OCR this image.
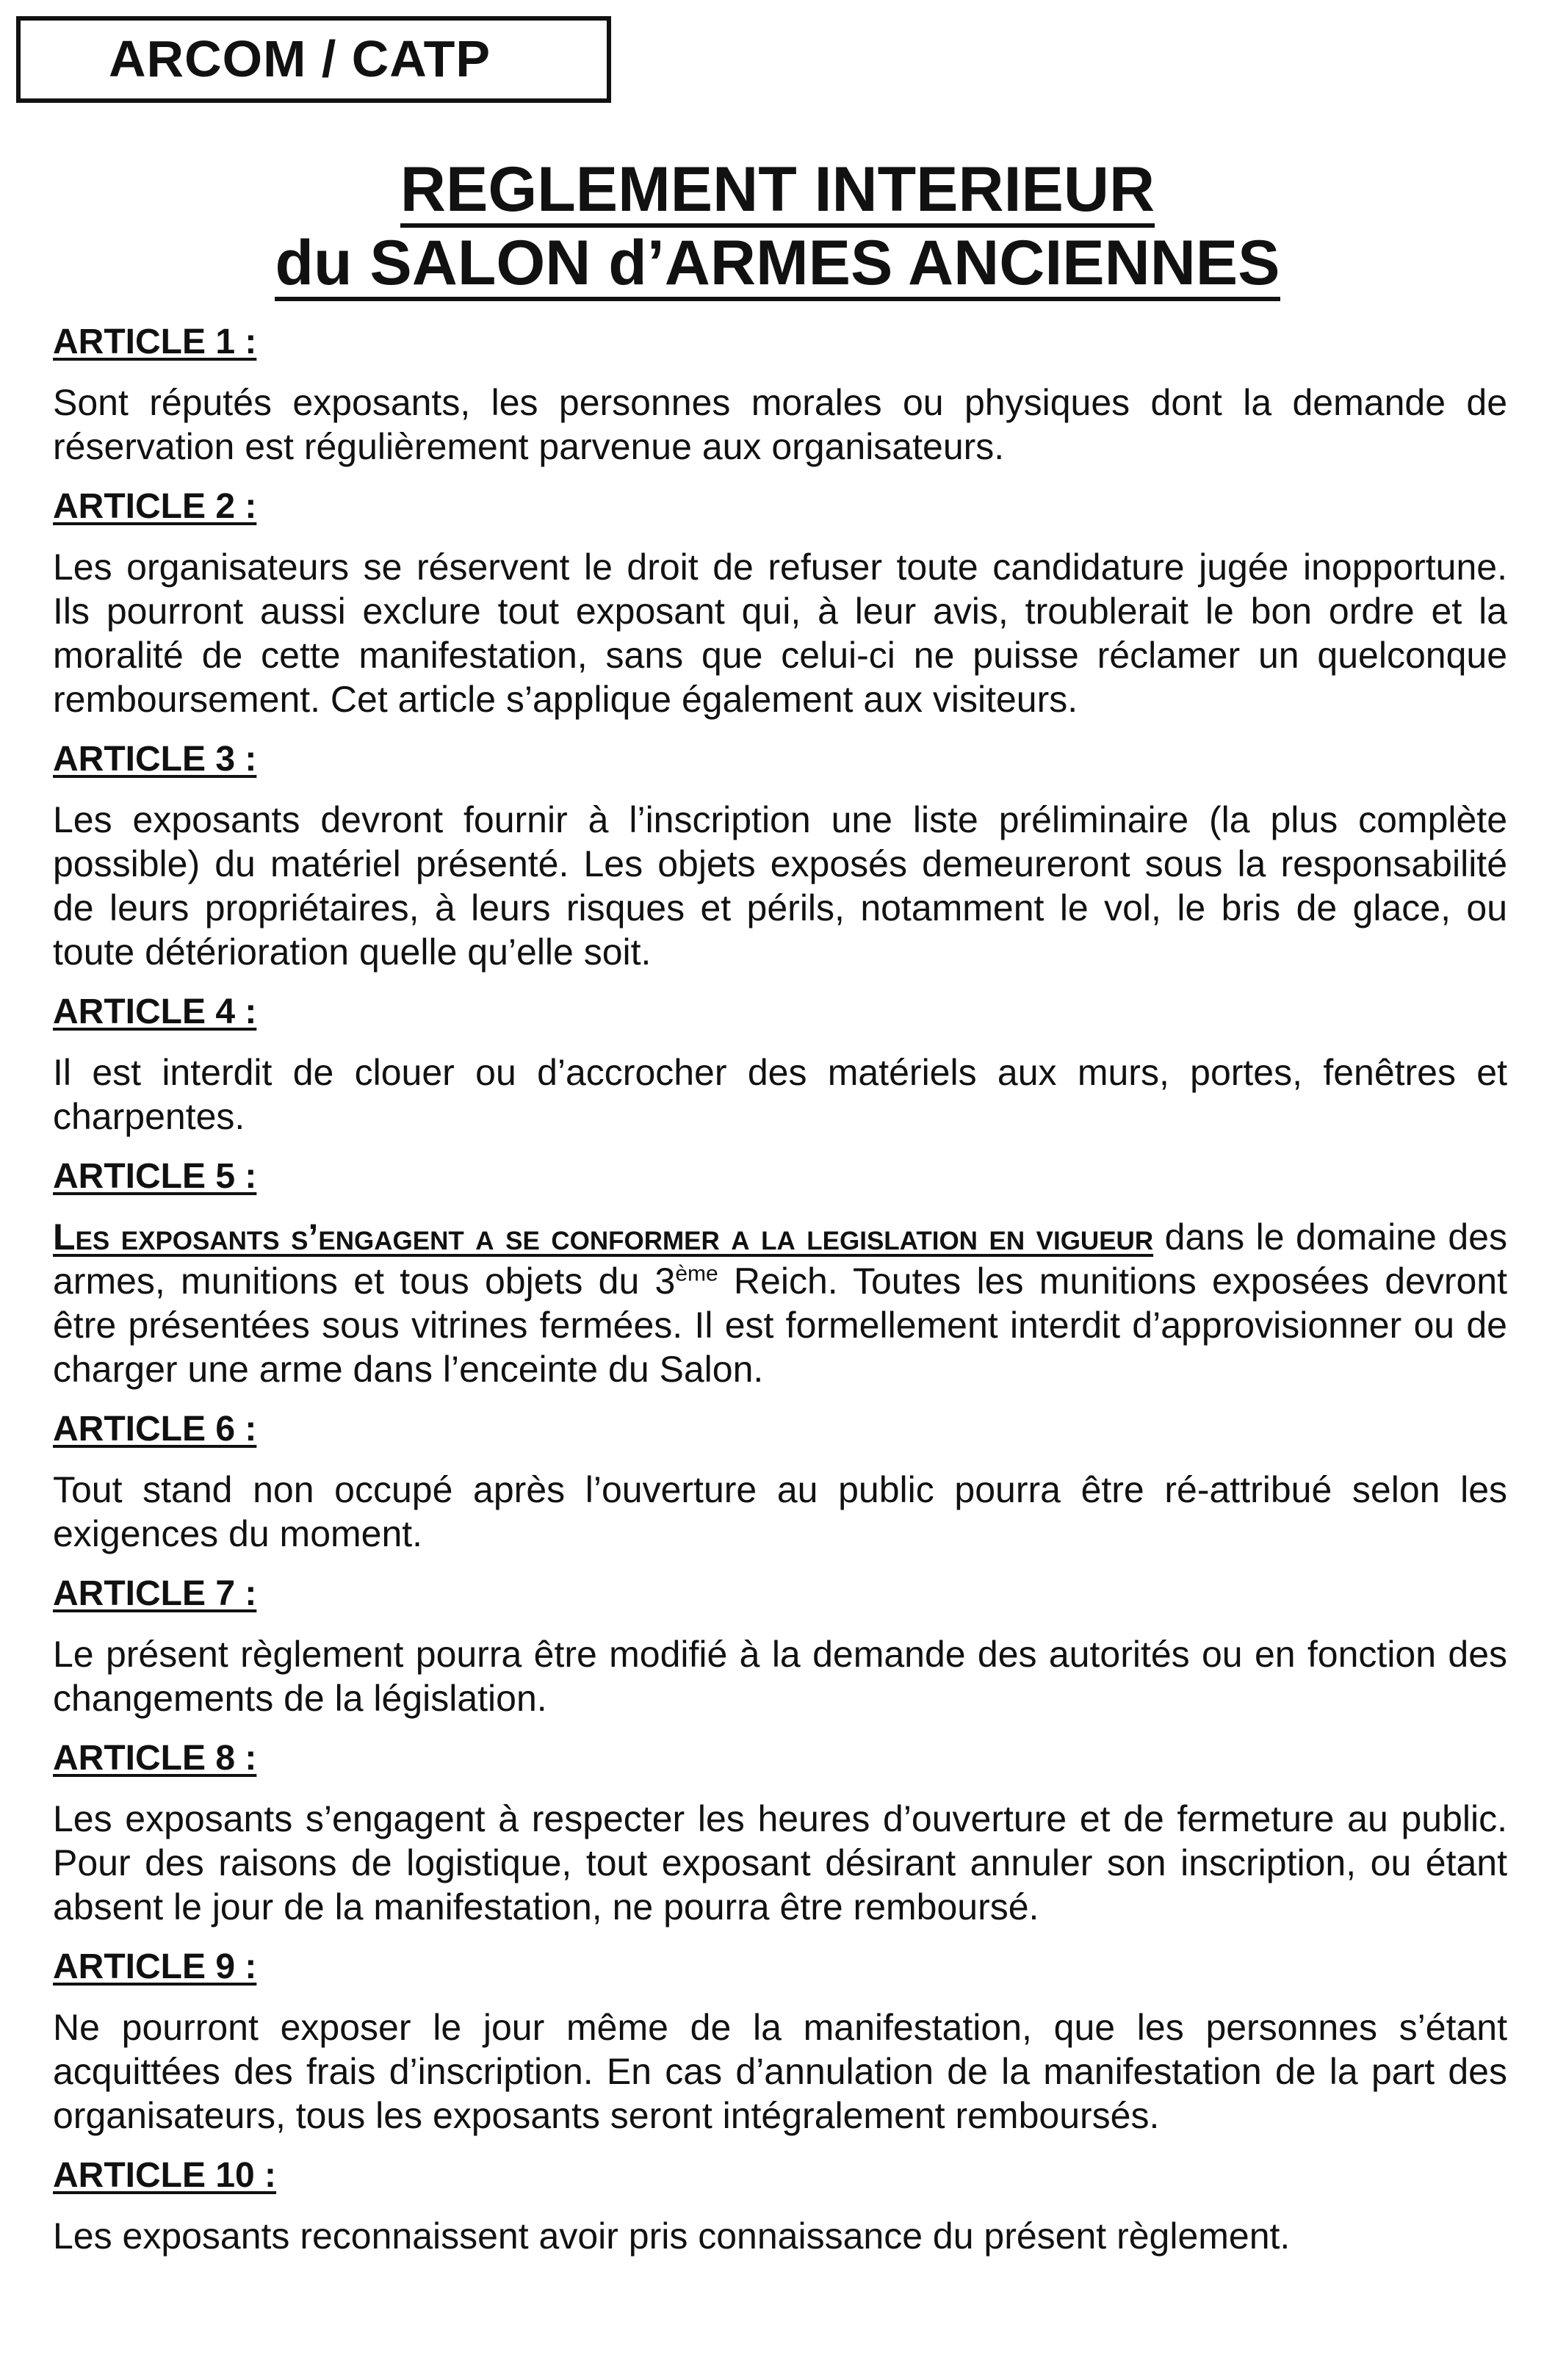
ARCOM / CATP
REGLEMENT INTERIEUR
du SALON d’ARMES ANCIENNES
ARTICLE 1 :

Sont réputés exposants, les personnes morales ou physiques dont la demande de réservation est régulièrement parvenue aux organisateurs.

ARTICLE 2 :

Les organisateurs se réservent le droit de refuser toute candidature jugée inopportune. Ils pourront aussi exclure tout exposant qui, à leur avis, troublerait le bon ordre et la moralité de cette manifestation, sans que celui-ci ne puisse réclamer un quelconque remboursement. Cet article s’applique également aux visiteurs.

ARTICLE 3 :

Les exposants devront fournir à l’inscription une liste préliminaire (la plus complète possible) du matériel présenté. Les objets exposés demeureront sous la responsabilité de leurs propriétaires, à leurs risques et périls, notamment le vol, le bris de glace, ou toute détérioration quelle qu’elle soit.

ARTICLE 4 :

Il est interdit de clouer ou d’accrocher des matériels aux murs, portes, fenêtres et charpentes.

ARTICLE 5 :

Les exposants s’engagent a se conformer a la legislation en vigueur dans le domaine des armes, munitions et tous objets du 3ème Reich. Toutes les munitions exposées devront être présentées sous vitrines fermées. Il est formellement interdit d’approvisionner ou de charger une arme dans l’enceinte du Salon.

ARTICLE 6 :

Tout stand non occupé après l’ouverture au public pourra être ré-attribué selon les exigences du moment.

ARTICLE 7 :

Le présent règlement pourra être modifié à la demande des autorités ou en fonction des changements de la législation.

ARTICLE 8 :

Les exposants s’engagent à respecter les heures d’ouverture et de fermeture au public. Pour des raisons de logistique, tout exposant désirant annuler son inscription, ou étant absent le jour de la manifestation, ne pourra être remboursé.

ARTICLE 9 :

Ne pourront exposer le jour même de la manifestation, que les personnes s’étant acquittées des frais d’inscription. En cas d’annulation de la manifestation de la part des organisateurs, tous les exposants seront intégralement remboursés.

ARTICLE 10 :

Les exposants reconnaissent avoir pris connaissance du présent règlement.
